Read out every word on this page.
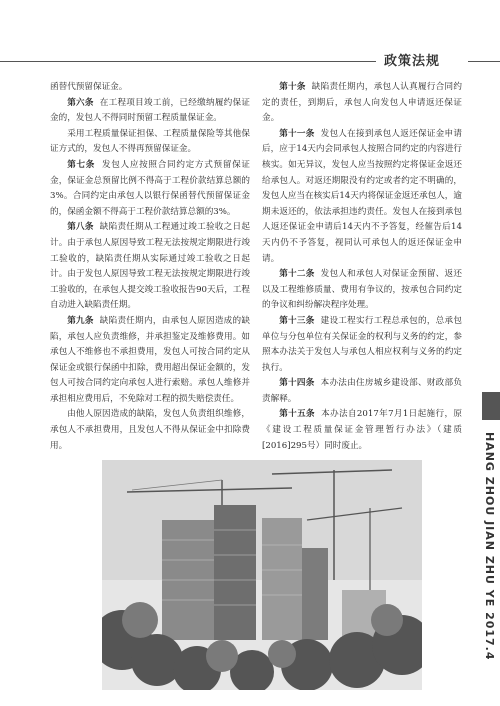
政策法规

函替代预留保证金。

第六条 在工程项目竣工前，已经缴纳履约保证金的，发包人不得同时预留工程质量保证金。

采用工程质量保证担保、工程质量保险等其他保证方式的，发包人不得再预留保证金。

第七条 发包人应按照合同约定方式预留保证金，保证金总预留比例不得高于工程价款结算总额的3%。合同约定由承包人以银行保函替代预留保证金的，保函金额不得高于工程价款结算总额的3%。

第八条 缺陷责任期从工程通过竣工验收之日起计。由于承包人原因导致工程无法按规定期限进行竣工验收的，缺陷责任期从实际通过竣工验收之日起计。由于发包人原因导致工程无法按规定期限进行竣工验收的，在承包人提交竣工验收报告90天后，工程自动进入缺陷责任期。

第九条 缺陷责任期内，由承包人原因造成的缺陷，承包人应负责维修，并承担鉴定及维修费用。如承包人不维修也不承担费用，发包人可按合同约定从保证金或银行保函中扣除，费用超出保证金额的，发包人可按合同约定向承包人进行索赔。承包人维修并承担相应费用后，不免除对工程的损失赔偿责任。

由他人原因造成的缺陷，发包人负责组织维修，承包人不承担费用，且发包人不得从保证金中扣除费用。

第十条 缺陷责任期内，承包人认真履行合同约定的责任，到期后，承包人向发包人申请返还保证金。

第十一条 发包人在接到承包人返还保证金申请后，应于14天内会同承包人按照合同约定的内容进行核实。如无异议，发包人应当按照约定将保证金返还给承包人。对返还期限没有约定或者约定不明确的，发包人应当在核实后14天内将保证金返还承包人，逾期未返还的，依法承担违约责任。发包人在接到承包人返还保证金申请后14天内不予答复，经催告后14天内仍不予答复，视同认可承包人的返还保证金申请。

第十二条 发包人和承包人对保证金预留、返还以及工程维修质量、费用有争议的，按承包合同约定的争议和纠纷解决程序处理。

第十三条 建设工程实行工程总承包的，总承包单位与分包单位有关保证金的权利与义务的约定，参照本办法关于发包人与承包人相应权利与义务的约定执行。

第十四条 本办法由住房城乡建设部、财政部负责解释。

第十五条 本办法自2017年7月1日起施行，原《建设工程质量保证金管理暂行办法》（建质[2016]295号）同时废止。	HANG ZHOU JIAN ZHU YE 2017.4
